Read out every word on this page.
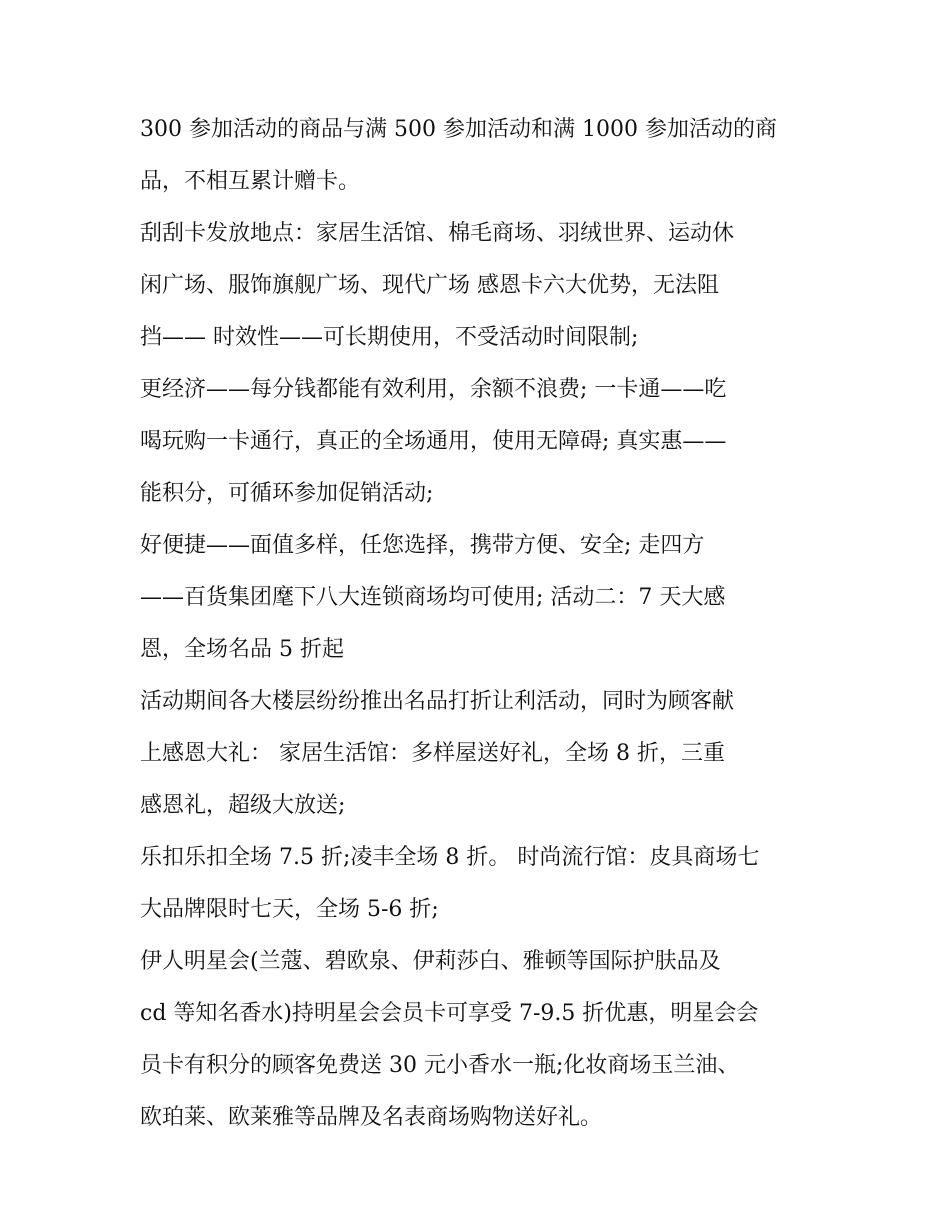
300 参加活动的商品与满 500 参加活动和满 1000 参加活动的商
品，不相互累计赠卡。
刮刮卡发放地点：家居生活馆、棉毛商场、羽绒世界、运动休
闲广场、服饰旗舰广场、现代广场 感恩卡六大优势，无法阻
挡—— 时效性——可长期使用，不受活动时间限制;
更经济——每分钱都能有效利用，余额不浪费; 一卡通——吃
喝玩购一卡通行，真正的全场通用，使用无障碍; 真实惠——
能积分，可循环参加促销活动;
好便捷——面值多样，任您选择，携带方便、安全; 走四方
——百货集团麾下八大连锁商场均可使用; 活动二：7 天大感
恩，全场名品 5 折起
活动期间各大楼层纷纷推出名品打折让利活动，同时为顾客献
上感恩大礼： 家居生活馆：多样屋送好礼，全场 8 折，三重
感恩礼，超级大放送;
乐扣乐扣全场 7.5 折;凌丰全场 8 折。 时尚流行馆：皮具商场七
大品牌限时七天，全场 5-6 折;
伊人明星会(兰蔻、碧欧泉、伊莉莎白、雅顿等国际护肤品及
cd 等知名香水)持明星会会员卡可享受 7-9.5 折优惠，明星会会
员卡有积分的顾客免费送 30 元小香水一瓶;化妆商场玉兰油、
欧珀莱、欧莱雅等品牌及名表商场购物送好礼。
